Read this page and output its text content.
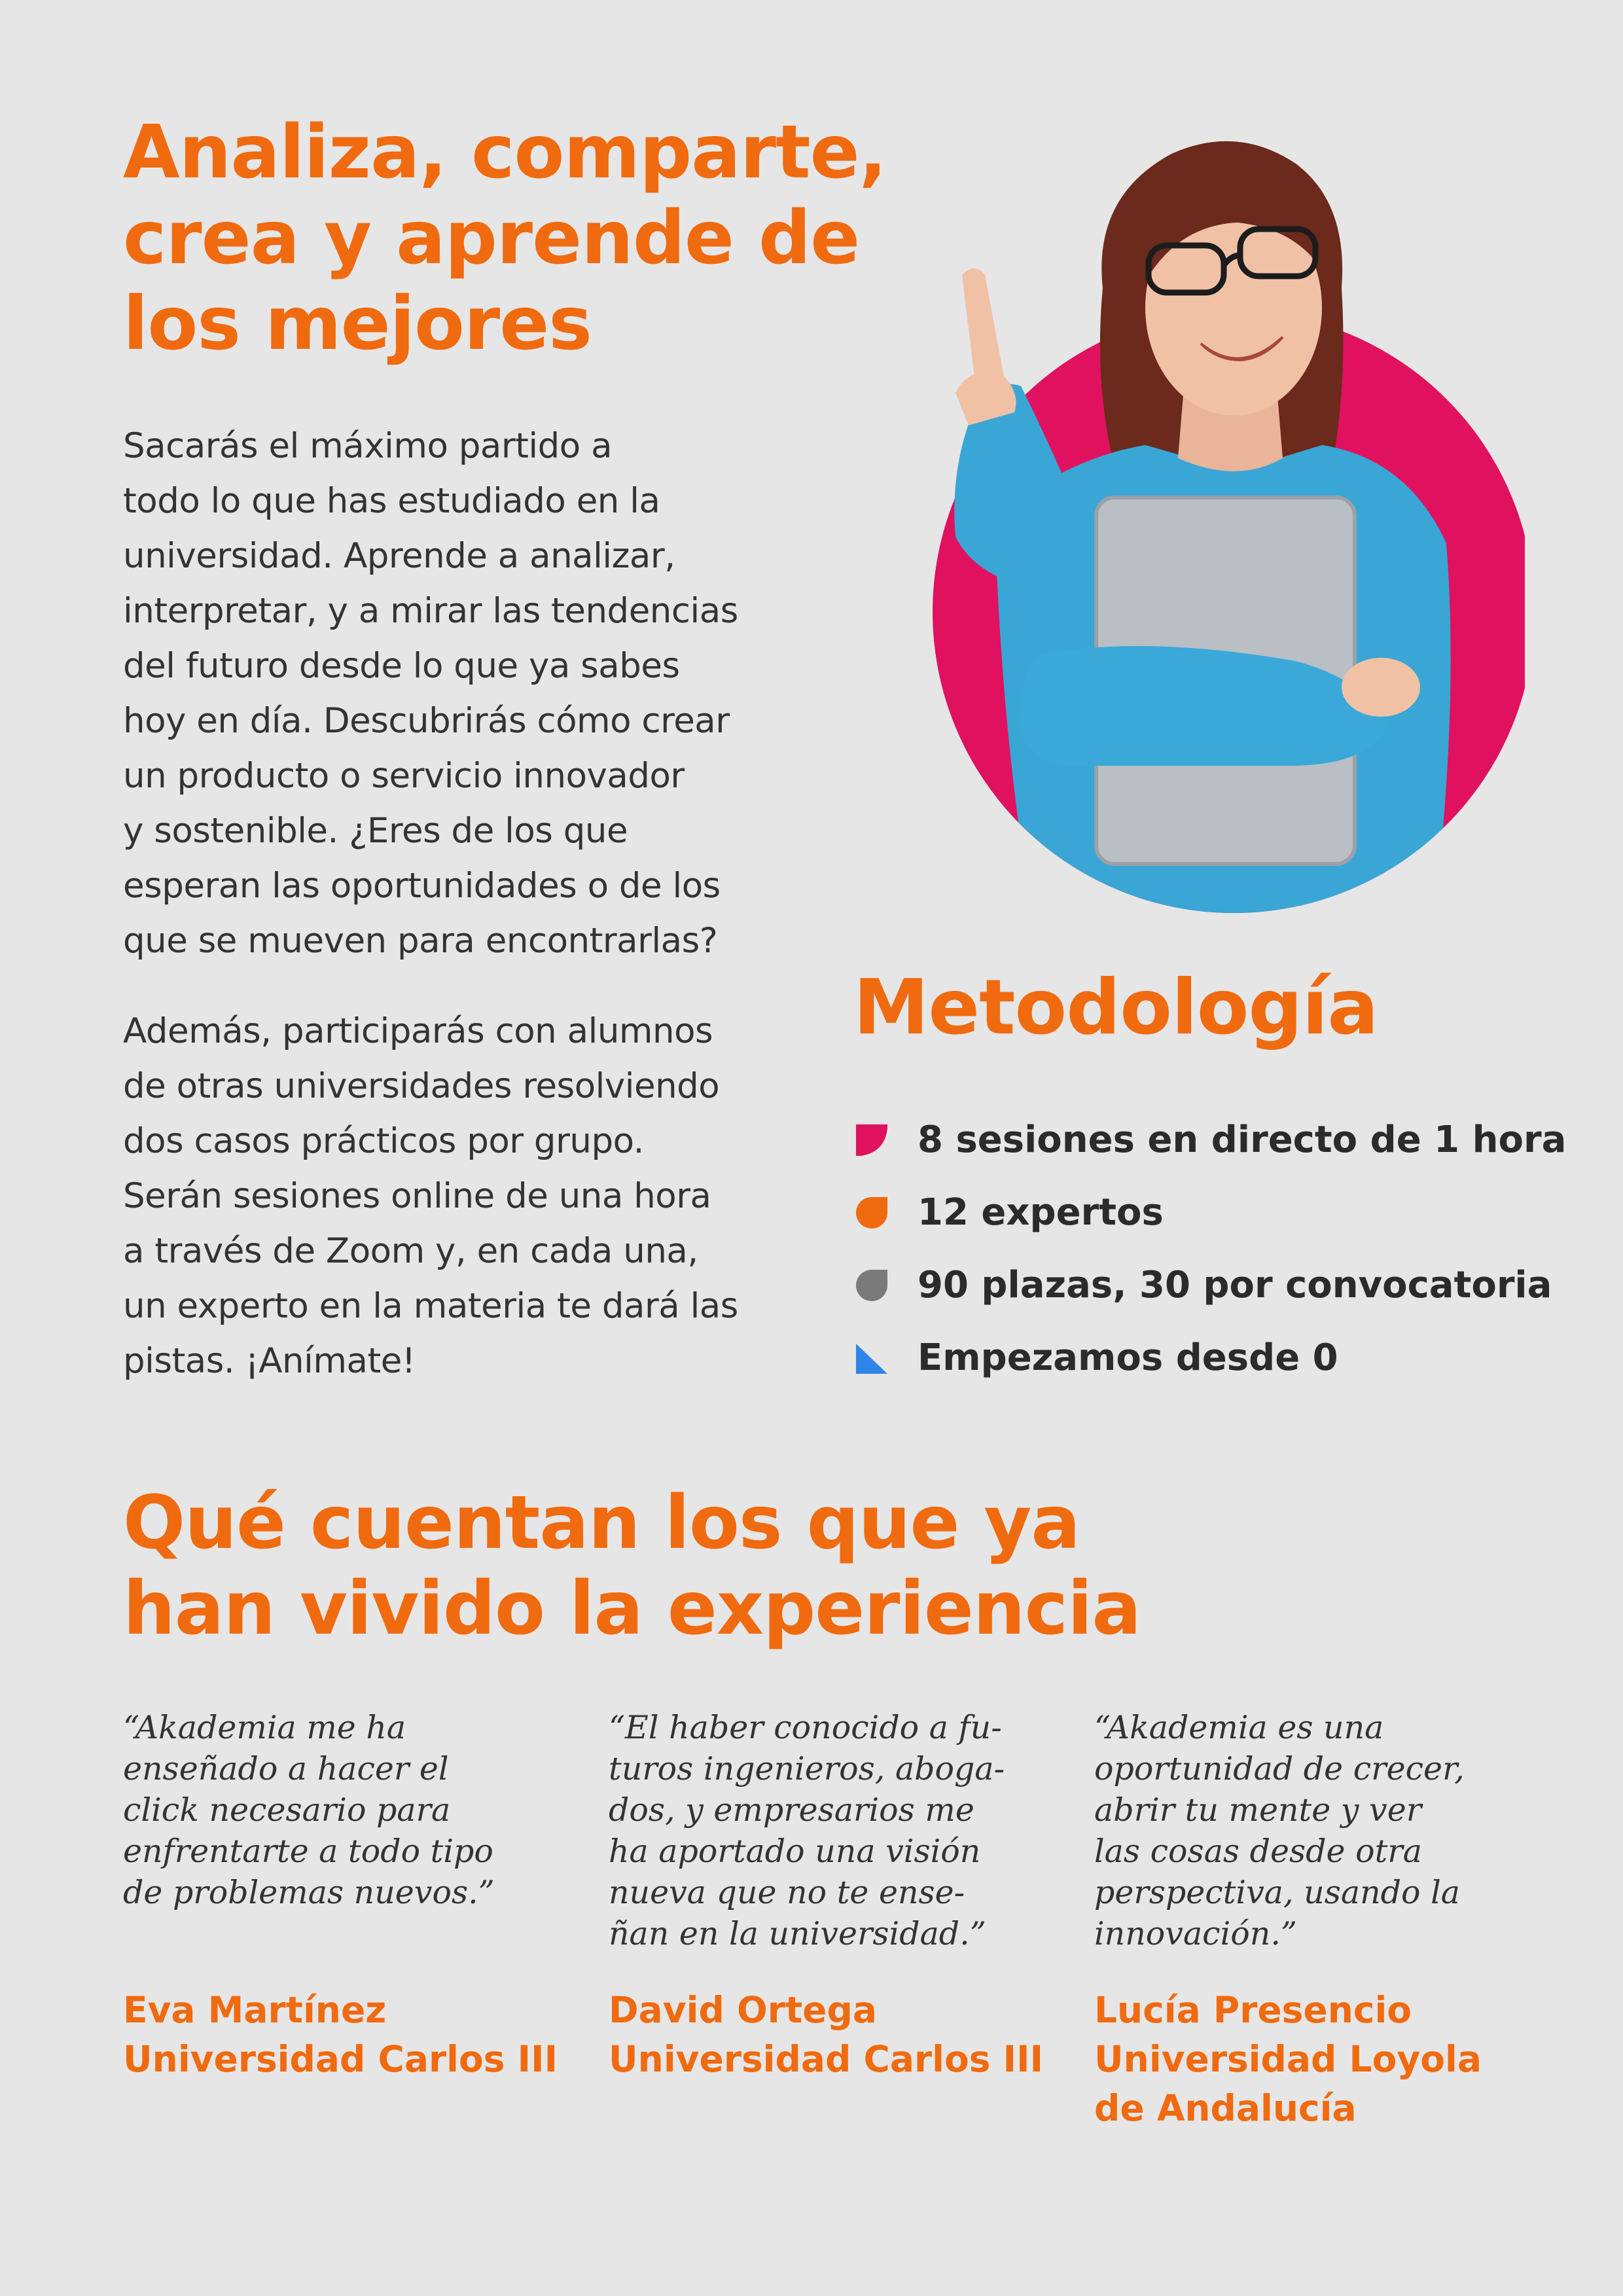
Analiza, comparte,
crea y aprende de
los mejores
Sacarás el máximo partido a
todo lo que has estudiado en la
universidad. Aprende a analizar,
interpretar, y a mirar las tendencias
del futuro desde lo que ya sabes
hoy en día. Descubrirás cómo crear
un producto o servicio innovador
y sostenible. ¿Eres de los que
esperan las oportunidades o de los
que se mueven para encontrarlas?
Además, participarás con alumnos
de otras universidades resolviendo
dos casos prácticos por grupo.
Serán sesiones online de una hora
a través de Zoom y, en cada una,
un experto en la materia te dará las
pistas. ¡Anímate!
Metodología
8 sesiones en directo de 1 hora
12 expertos
90 plazas, 30 por convocatoria
Empezamos desde 0
Qué cuentan los que ya
han vivido la experiencia
“Akademia me ha
enseñado a hacer el
click necesario para
enfrentarte a todo tipo
de problemas nuevos.”
Eva Martínez
Universidad Carlos III
“El haber conocido a fu-
turos ingenieros, aboga-
dos, y empresarios me
ha aportado una visión
nueva que no te ense-
ñan en la universidad.”
David Ortega
Universidad Carlos III
“Akademia es una
oportunidad de crecer,
abrir tu mente y ver
las cosas desde otra
perspectiva, usando la
innovación.”
Lucía Presencio
Universidad Loyola
de Andalucía
